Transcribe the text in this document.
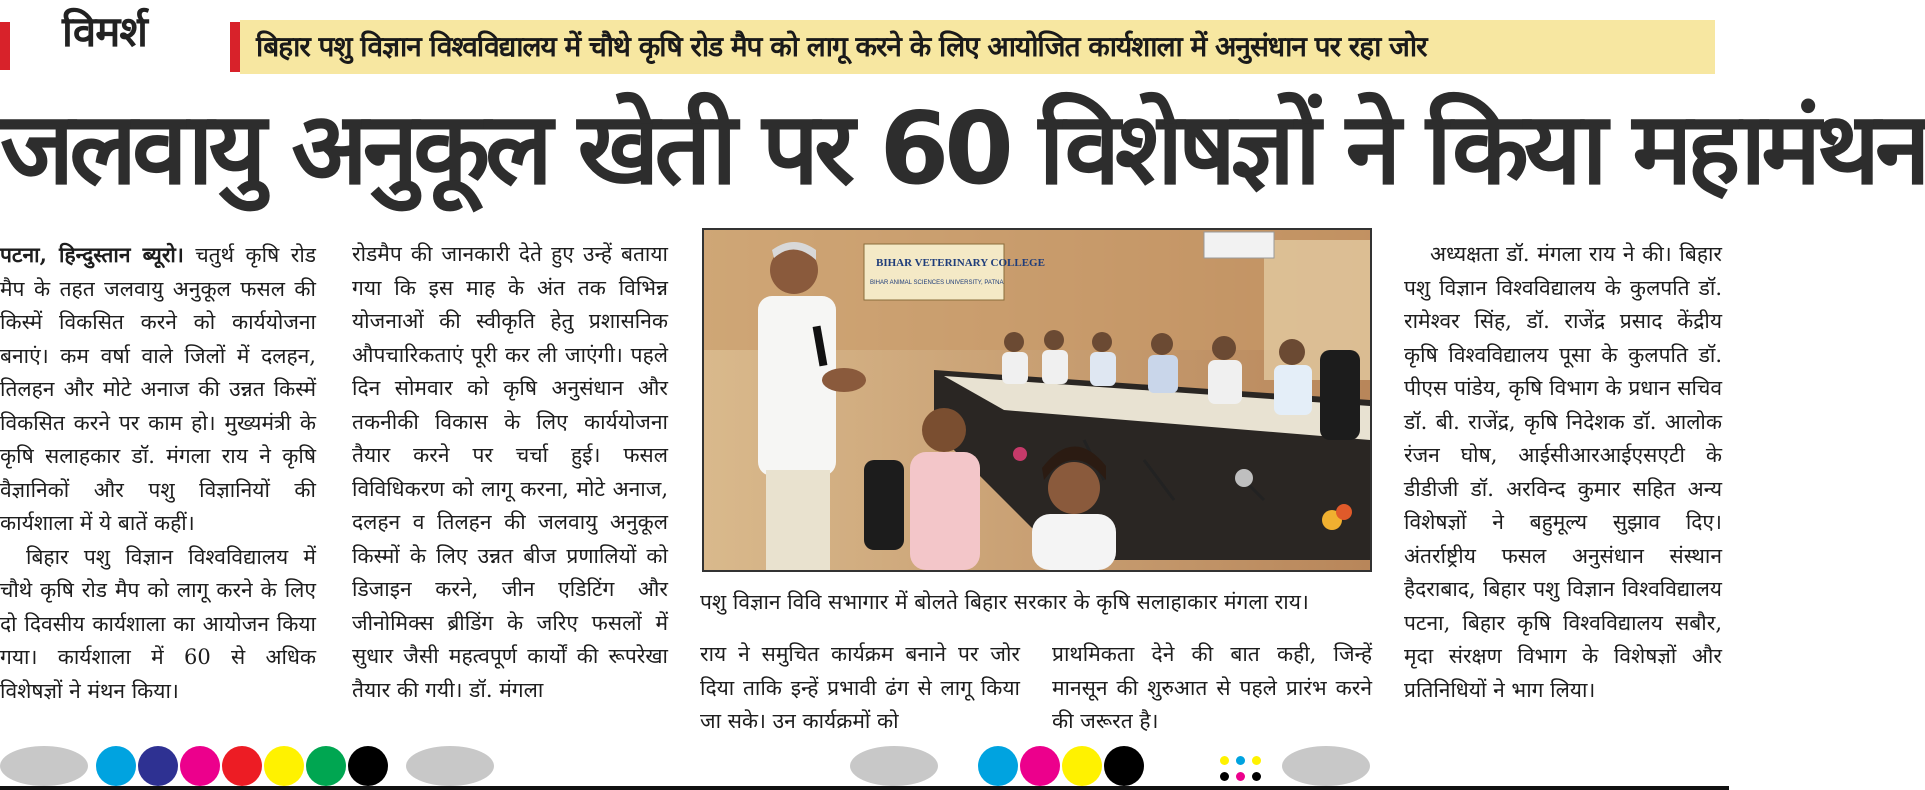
विमर्श	बिहार पशु विज्ञान विश्वविद्यालय में चौथे कृषि रोड मैप को लागू करने के लिए आयोजित कार्यशाला में अनुसंधान पर रहा जोर
जलवायु अनुकूल खेती पर 60 विशेषज्ञों ने किया महामंथन

पटना, हिन्दुस्तान ब्यूरो। चतुर्थ कृषि रोड मैप के तहत जलवायु अनुकूल फसल की किस्में विकसित करने को कार्ययोजना बनाएं। कम वर्षा वाले जिलों में दलहन, तिलहन और मोटे अनाज की उन्नत किस्में विकसित करने पर काम हो। मुख्यमंत्री के कृषि सलाहकार डॉ. मंगला राय ने कृषि वैज्ञानिकों और पशु विज्ञानियों की कार्यशाला में ये बातें कहीं।

बिहार पशु विज्ञान विश्वविद्यालय में चौथे कृषि रोड मैप को लागू करने के लिए दो दिवसीय कार्यशाला का आयोजन किया गया। कार्यशाला में 60 से अधिक विशेषज्ञों ने मंथन किया।

रोडमैप की जानकारी देते हुए उन्हें बताया गया कि इस माह के अंत तक विभिन्न योजनाओं की स्वीकृति हेतु प्रशासनिक औपचारिकताएं पूरी कर ली जाएंगी। पहले दिन सोमवार को कृषि अनुसंधान और तकनीकी विकास के लिए कार्ययोजना तैयार करने पर चर्चा हुई। फसल विविधिकरण को लागू करना, मोटे अनाज, दलहन व तिलहन की जलवायु अनुकूल किस्मों के लिए उन्नत बीज प्रणालियों को डिजाइन करने, जीन एडिटिंग और जीनोमिक्स ब्रीडिंग के जरिए फसलों में सुधार जैसी महत्वपूर्ण कार्यों की रूपरेखा तैयार की गयी। डॉ. मंगला

BIHAR VETERINARY COLLEGE
BIHAR ANIMAL SCIENCES UNIVERSITY, PATNA
पशु विज्ञान विवि सभागार में बोलते बिहार सरकार के कृषि सलाहाकार मंगला राय।

राय ने समुचित कार्यक्रम बनाने पर जोर दिया ताकि इन्हें प्रभावी ढंग से लागू किया जा सके। उन कार्यक्रमों को

प्राथमिकता देने की बात कही, जिन्हें मानसून की शुरुआत से पहले प्रारंभ करने की जरूरत है।

अध्यक्षता डॉ. मंगला राय ने की। बिहार पशु विज्ञान विश्वविद्यालय के कुलपति डॉ. रामेश्वर सिंह, डॉ. राजेंद्र प्रसाद केंद्रीय कृषि विश्वविद्यालय पूसा के कुलपति डॉ. पीएस पांडेय, कृषि विभाग के प्रधान सचिव डॉ. बी. राजेंद्र, कृषि निदेशक डॉ. आलोक रंजन घोष, आईसीआरआईएसएटी के डीडीजी डॉ. अरविन्द कुमार सहित अन्य विशेषज्ञों ने बहुमूल्य सुझाव दिए। अंतर्राष्ट्रीय फसल अनुसंधान संस्थान हैदराबाद, बिहार पशु विज्ञान विश्वविद्यालय पटना, बिहार कृषि विश्वविद्यालय सबौर, मृदा संरक्षण विभाग के विशेषज्ञों और प्रतिनिधियों ने भाग लिया।
